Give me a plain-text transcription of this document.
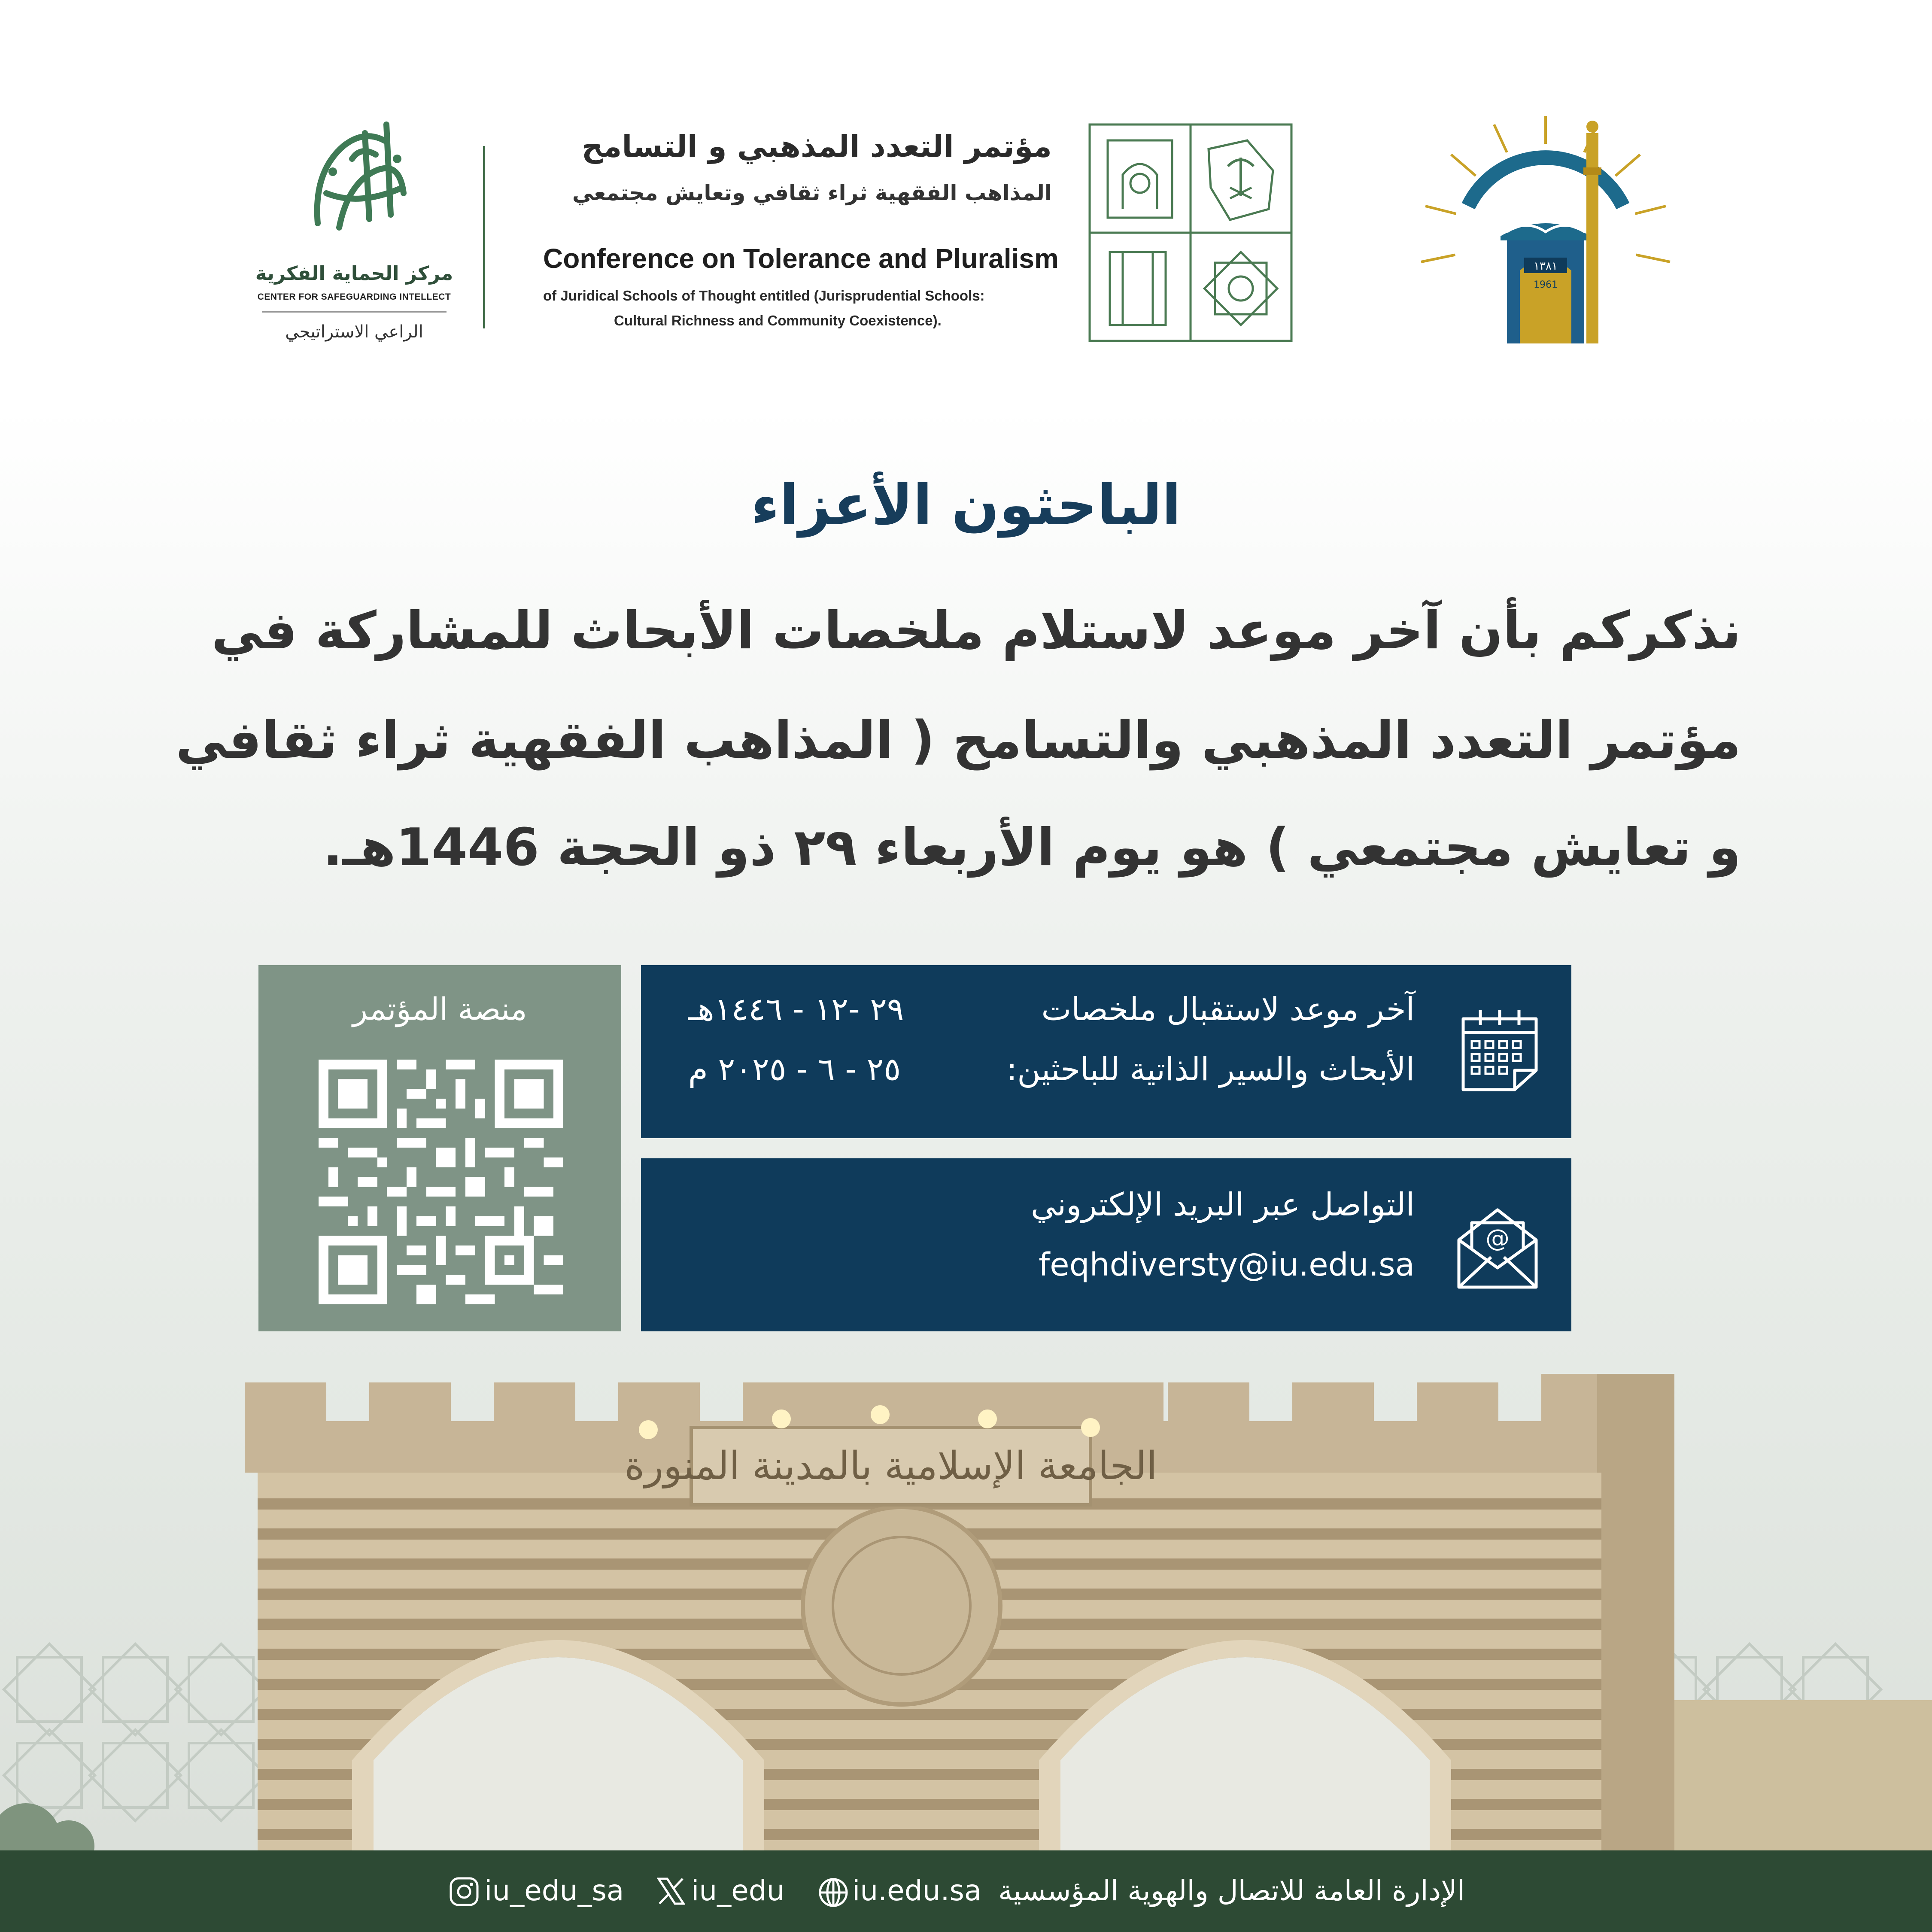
١٣٨١
1961
مؤتمر التعدد المذهبي و التسامح
المذاهب الفقهية ثراء ثقافي وتعايش مجتمعي
Conference on Tolerance and Pluralism
of Juridical Schools of Thought entitled (Jurisprudential Schools:
Cultural Richness and Community Coexistence).
مركز الحماية الفكرية
CENTER FOR SAFEGUARDING INTELLECT
الراعي الاستراتيجي
الباحثون الأعزاء
نذكركم بأن آخر موعد لاستلام ملخصات الأبحاث للمشاركة في
مؤتمر التعدد المذهبي والتسامح ( المذاهب الفقهية ثراء ثقافي
و تعايش مجتمعي ) هو يوم الأربعاء ٢٩ ذو الحجة 1446هـ.
منصة المؤتمر	آخر موعد لاستقبال ملخصات
الأبحاث والسير الذاتية للباحثين:
٢٩ -١٢ - ١٤٤٦هـ
٢٥ - ٦ - ٢٠٢٥ م
التواصل عبر البريد الإلكتروني
feqhdiversty@iu.edu.sa
@
الجامعة الإسلامية بالمدينة المنورة
الإدارة العامة للاتصال والهوية المؤسسية
iu.edu.sa
iu_edu
iu_edu_sa
